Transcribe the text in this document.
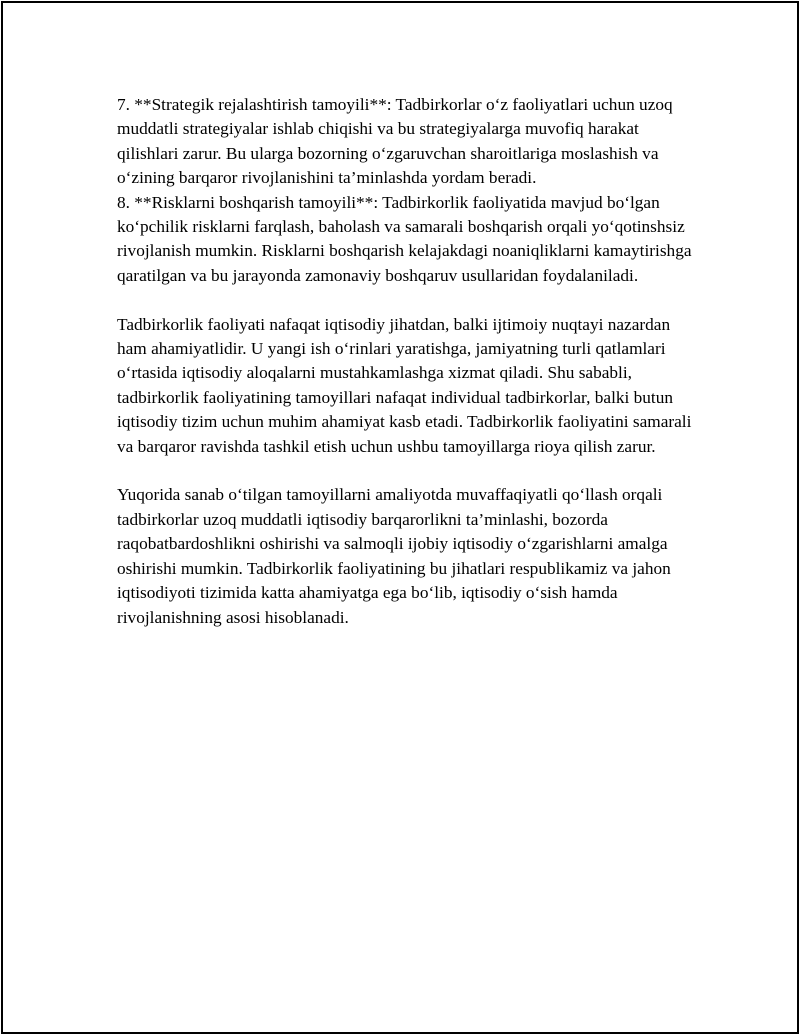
7. **Strategik rejalashtirish tamoyili**: Tadbirkorlar o‘z faoliyatlari uchun uzoq muddatli strategiyalar ishlab chiqishi va bu strategiyalarga muvofiq harakat qilishlari zarur. Bu ularga bozorning o‘zgaruvchan sharoitlariga moslashish va o‘zining barqaror rivojlanishini ta’minlashda yordam beradi.

8. **Risklarni boshqarish tamoyili**: Tadbirkorlik faoliyatida mavjud bo‘lgan ko‘pchilik risklarni farqlash, baholash va samarali boshqarish orqali yo‘qotinshsiz rivojlanish mumkin. Risklarni boshqarish kelajakdagi noaniqliklarni kamaytirishga qaratilgan va bu jarayonda zamonaviy boshqaruv usullaridan foydalaniladi.

Tadbirkorlik faoliyati nafaqat iqtisodiy jihatdan, balki ijtimoiy nuqtayi nazardan ham ahamiyatlidir. U yangi ish o‘rinlari yaratishga, jamiyatning turli qatlamlari o‘rtasida iqtisodiy aloqalarni mustahkamlashga xizmat qiladi. Shu sababli, tadbirkorlik faoliyatining tamoyillari nafaqat individual tadbirkorlar, balki butun iqtisodiy tizim uchun muhim ahamiyat kasb etadi. Tadbirkorlik faoliyatini samarali va barqaror ravishda tashkil etish uchun ushbu tamoyillarga rioya qilish zarur.

Yuqorida sanab o‘tilgan tamoyillarni amaliyotda muvaffaqiyatli qo‘llash orqali tadbirkorlar uzoq muddatli iqtisodiy barqarorlikni ta’minlashi, bozorda raqobatbardoshlikni oshirishi va salmoqli ijobiy iqtisodiy o‘zgarishlarni amalga oshirishi mumkin. Tadbirkorlik faoliyatining bu jihatlari respublikamiz va jahon iqtisodiyoti tizimida katta ahamiyatga ega bo‘lib, iqtisodiy o‘sish hamda rivojlanishning asosi hisoblanadi.
